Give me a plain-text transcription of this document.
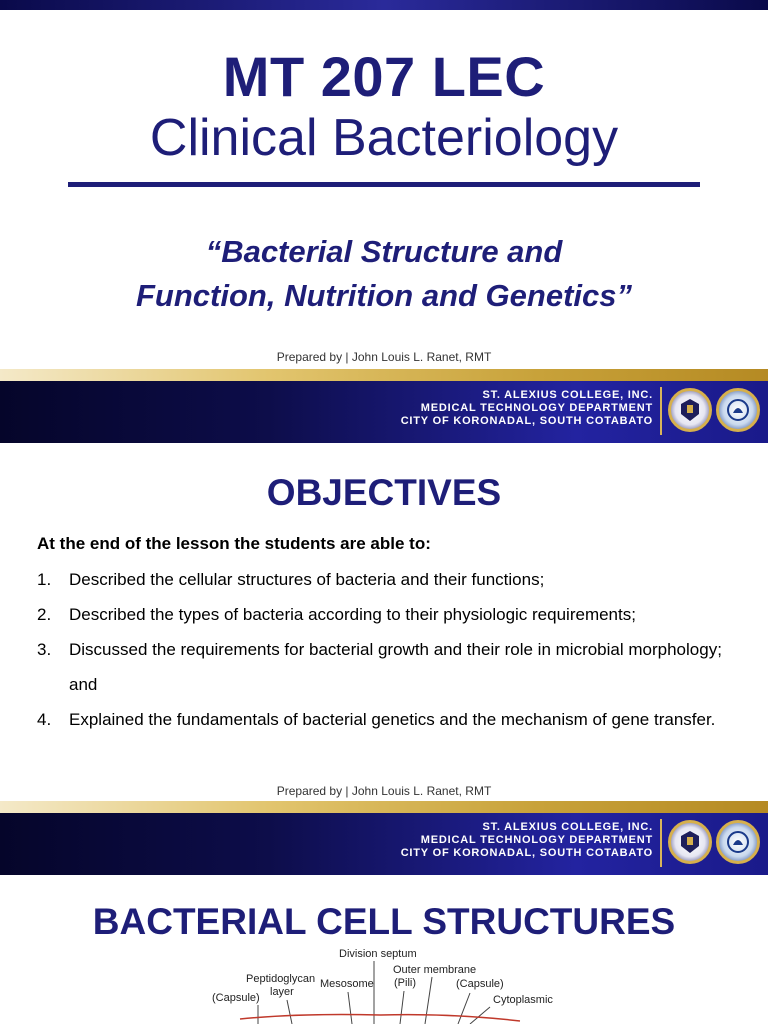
MT 207 LEC
Clinical Bacteriology
“Bacterial Structure and
Function, Nutrition and Genetics”
Prepared by | John Louis L. Ranet, RMT
ST. ALEXIUS COLLEGE, INC.
MEDICAL TECHNOLOGY DEPARTMENT
CITY OF KORONADAL, SOUTH COTABATO
OBJECTIVES
At the end of the lesson the students are able to:
1. Described the cellular structures of bacteria and their functions;
2. Described the types of bacteria according to their physiologic requirements;
3. Discussed the requirements for bacterial growth and their role in microbial morphology; and
4. Explained the fundamentals of bacterial genetics and the mechanism of gene transfer.
Prepared by | John Louis L. Ranet, RMT
ST. ALEXIUS COLLEGE, INC.
MEDICAL TECHNOLOGY DEPARTMENT
CITY OF KORONADAL, SOUTH COTABATO
BACTERIAL CELL STRUCTURES
Division septum
Outer membrane
Peptidoglycan
layer
Mesosome (Pili)	(Capsule)
(Capsule)	Cytoplasmic
